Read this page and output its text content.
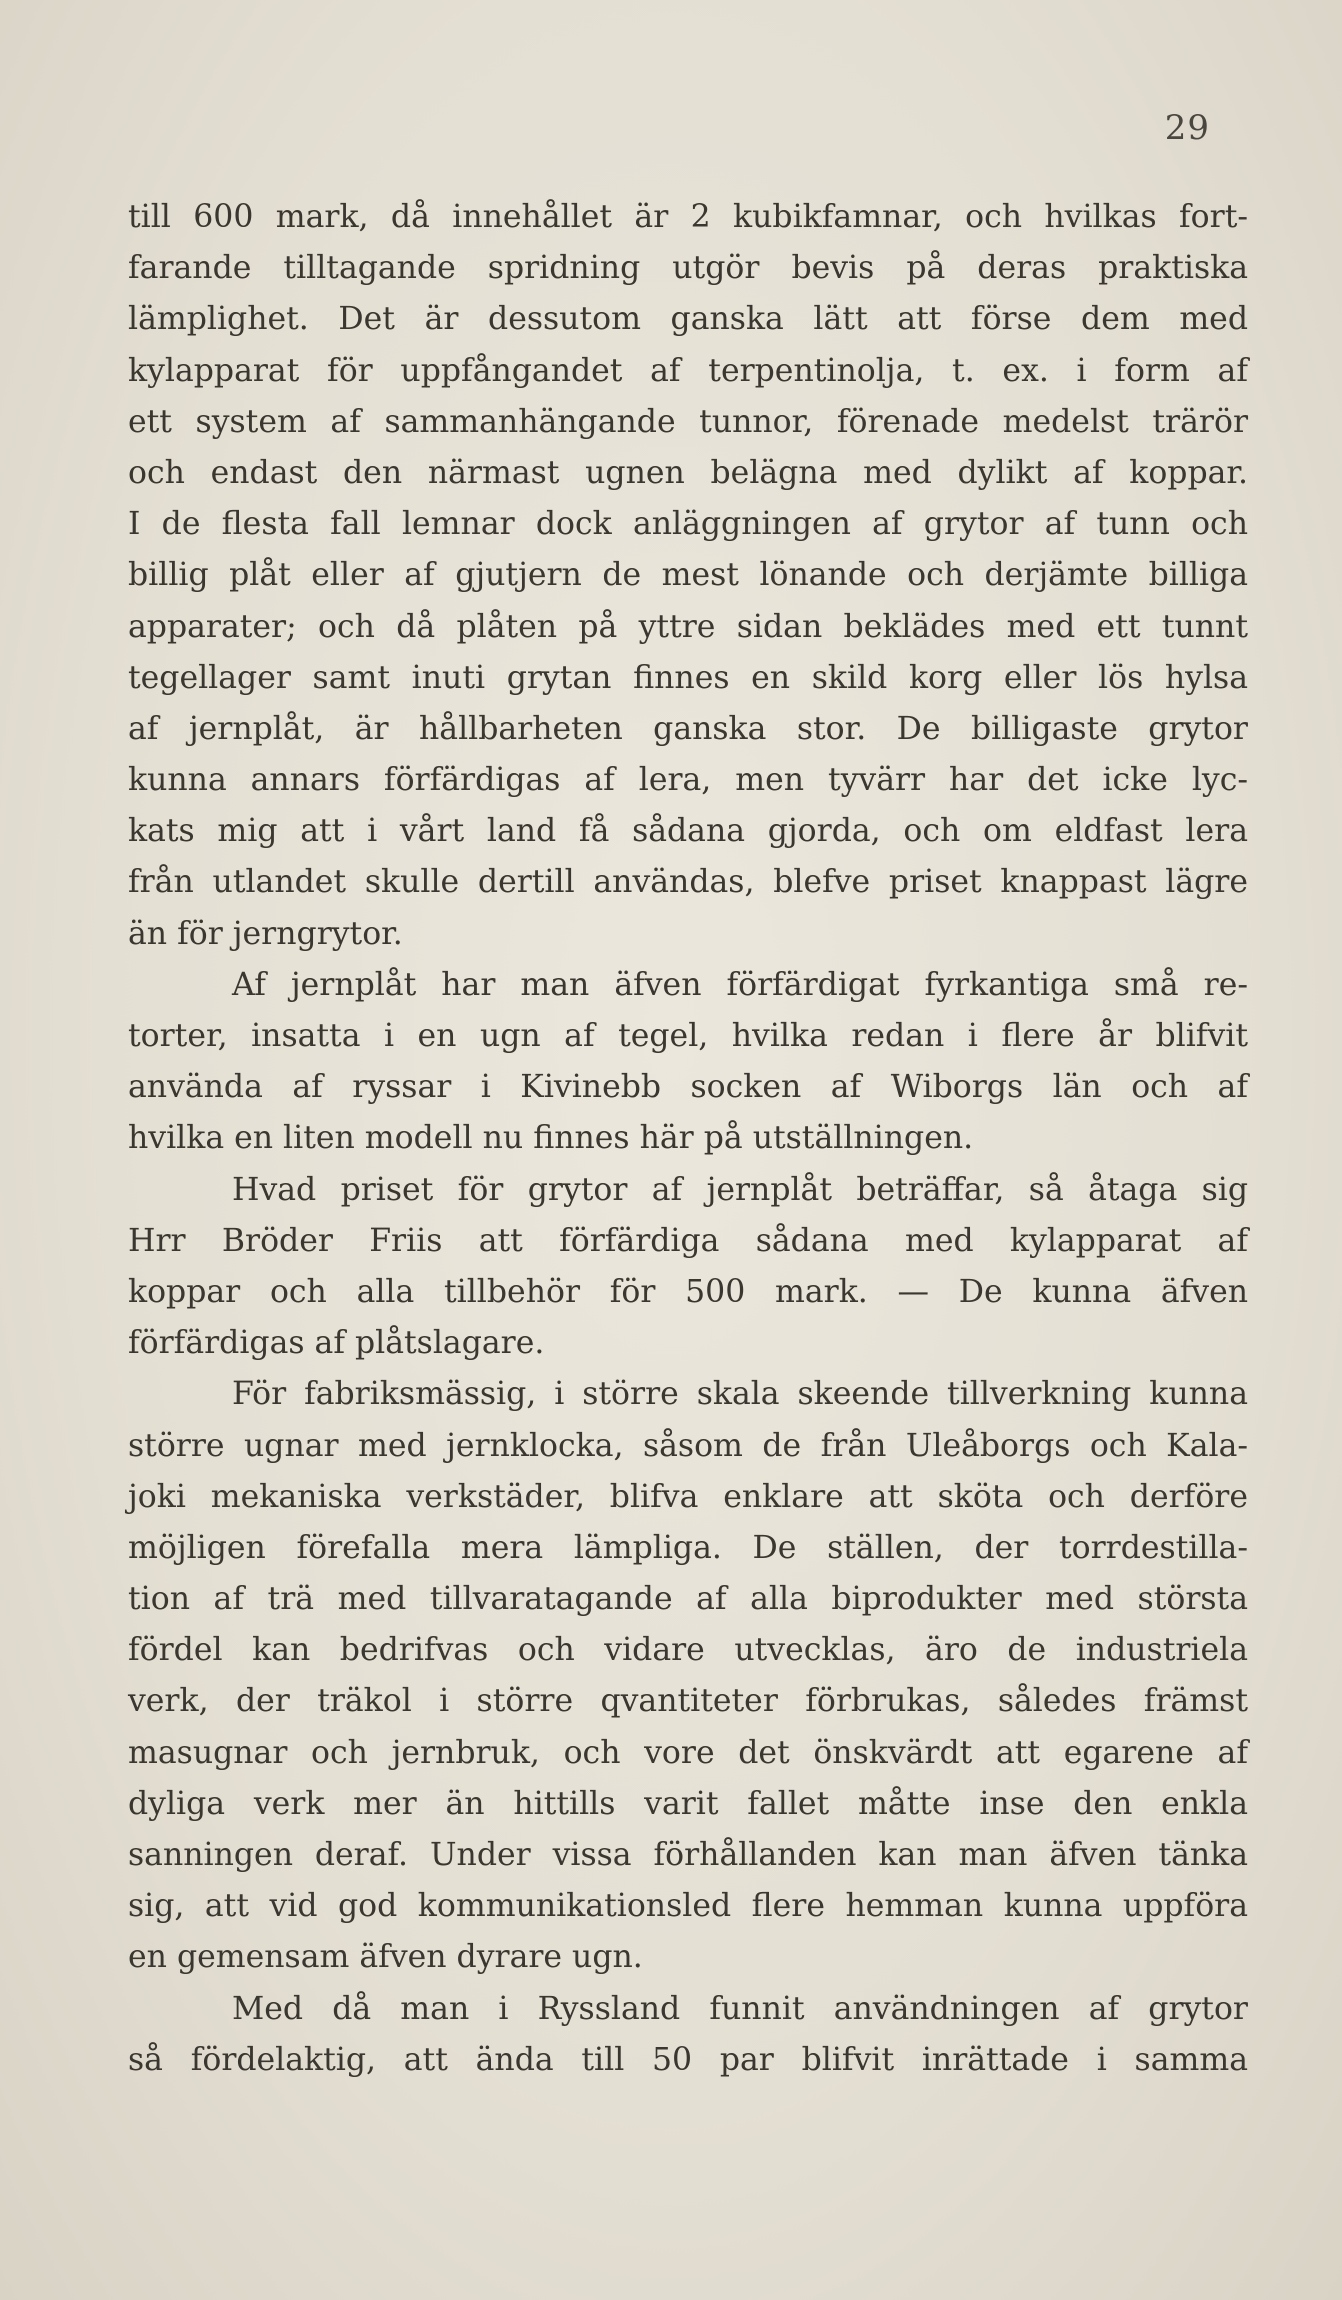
29
till 600 mark, då innehållet är 2 kubikfamnar, och hvilkas fort-
farande tilltagande spridning utgör bevis på deras praktiska
lämplighet. Det är dessutom ganska lätt att förse dem med
kylapparat för uppfångandet af terpentinolja, t. ex. i form af
ett system af sammanhängande tunnor, förenade medelst trärör
och endast den närmast ugnen belägna med dylikt af koppar.
I de flesta fall lemnar dock anläggningen af grytor af tunn och
billig plåt eller af gjutjern de mest lönande och derjämte billiga
apparater; och då plåten på yttre sidan beklädes med ett tunnt
tegellager samt inuti grytan finnes en skild korg eller lös hylsa
af jernplåt, är hållbarheten ganska stor. De billigaste grytor
kunna annars förfärdigas af lera, men tyvärr har det icke lyc-
kats mig att i vårt land få sådana gjorda, och om eldfast lera
från utlandet skulle dertill användas, blefve priset knappast lägre
än för jerngrytor.
Af jernplåt har man äfven förfärdigat fyrkantiga små re-
torter, insatta i en ugn af tegel, hvilka redan i flere år blifvit
använda af ryssar i Kivinebb socken af Wiborgs län och af
hvilka en liten modell nu finnes här på utställningen.
Hvad priset för grytor af jernplåt beträffar, så åtaga sig
Hrr Bröder Friis att förfärdiga sådana med kylapparat af
koppar och alla tillbehör för 500 mark. — De kunna äfven
förfärdigas af plåtslagare.
För fabriksmässig, i större skala skeende tillverkning kunna
större ugnar med jernklocka, såsom de från Uleåborgs och Kala-
joki mekaniska verkstäder, blifva enklare att sköta och derföre
möjligen förefalla mera lämpliga. De ställen, der torrdestilla-
tion af trä med tillvaratagande af alla biprodukter med största
fördel kan bedrifvas och vidare utvecklas, äro de industriela
verk, der träkol i större qvantiteter förbrukas, således främst
masugnar och jernbruk, och vore det önskvärdt att egarene af
dyliga verk mer än hittills varit fallet måtte inse den enkla
sanningen deraf. Under vissa förhållanden kan man äfven tänka
sig, att vid god kommunikationsled flere hemman kunna uppföra
en gemensam äfven dyrare ugn.
Med då man i Ryssland funnit användningen af grytor
så fördelaktig, att ända till 50 par blifvit inrättade i samma
